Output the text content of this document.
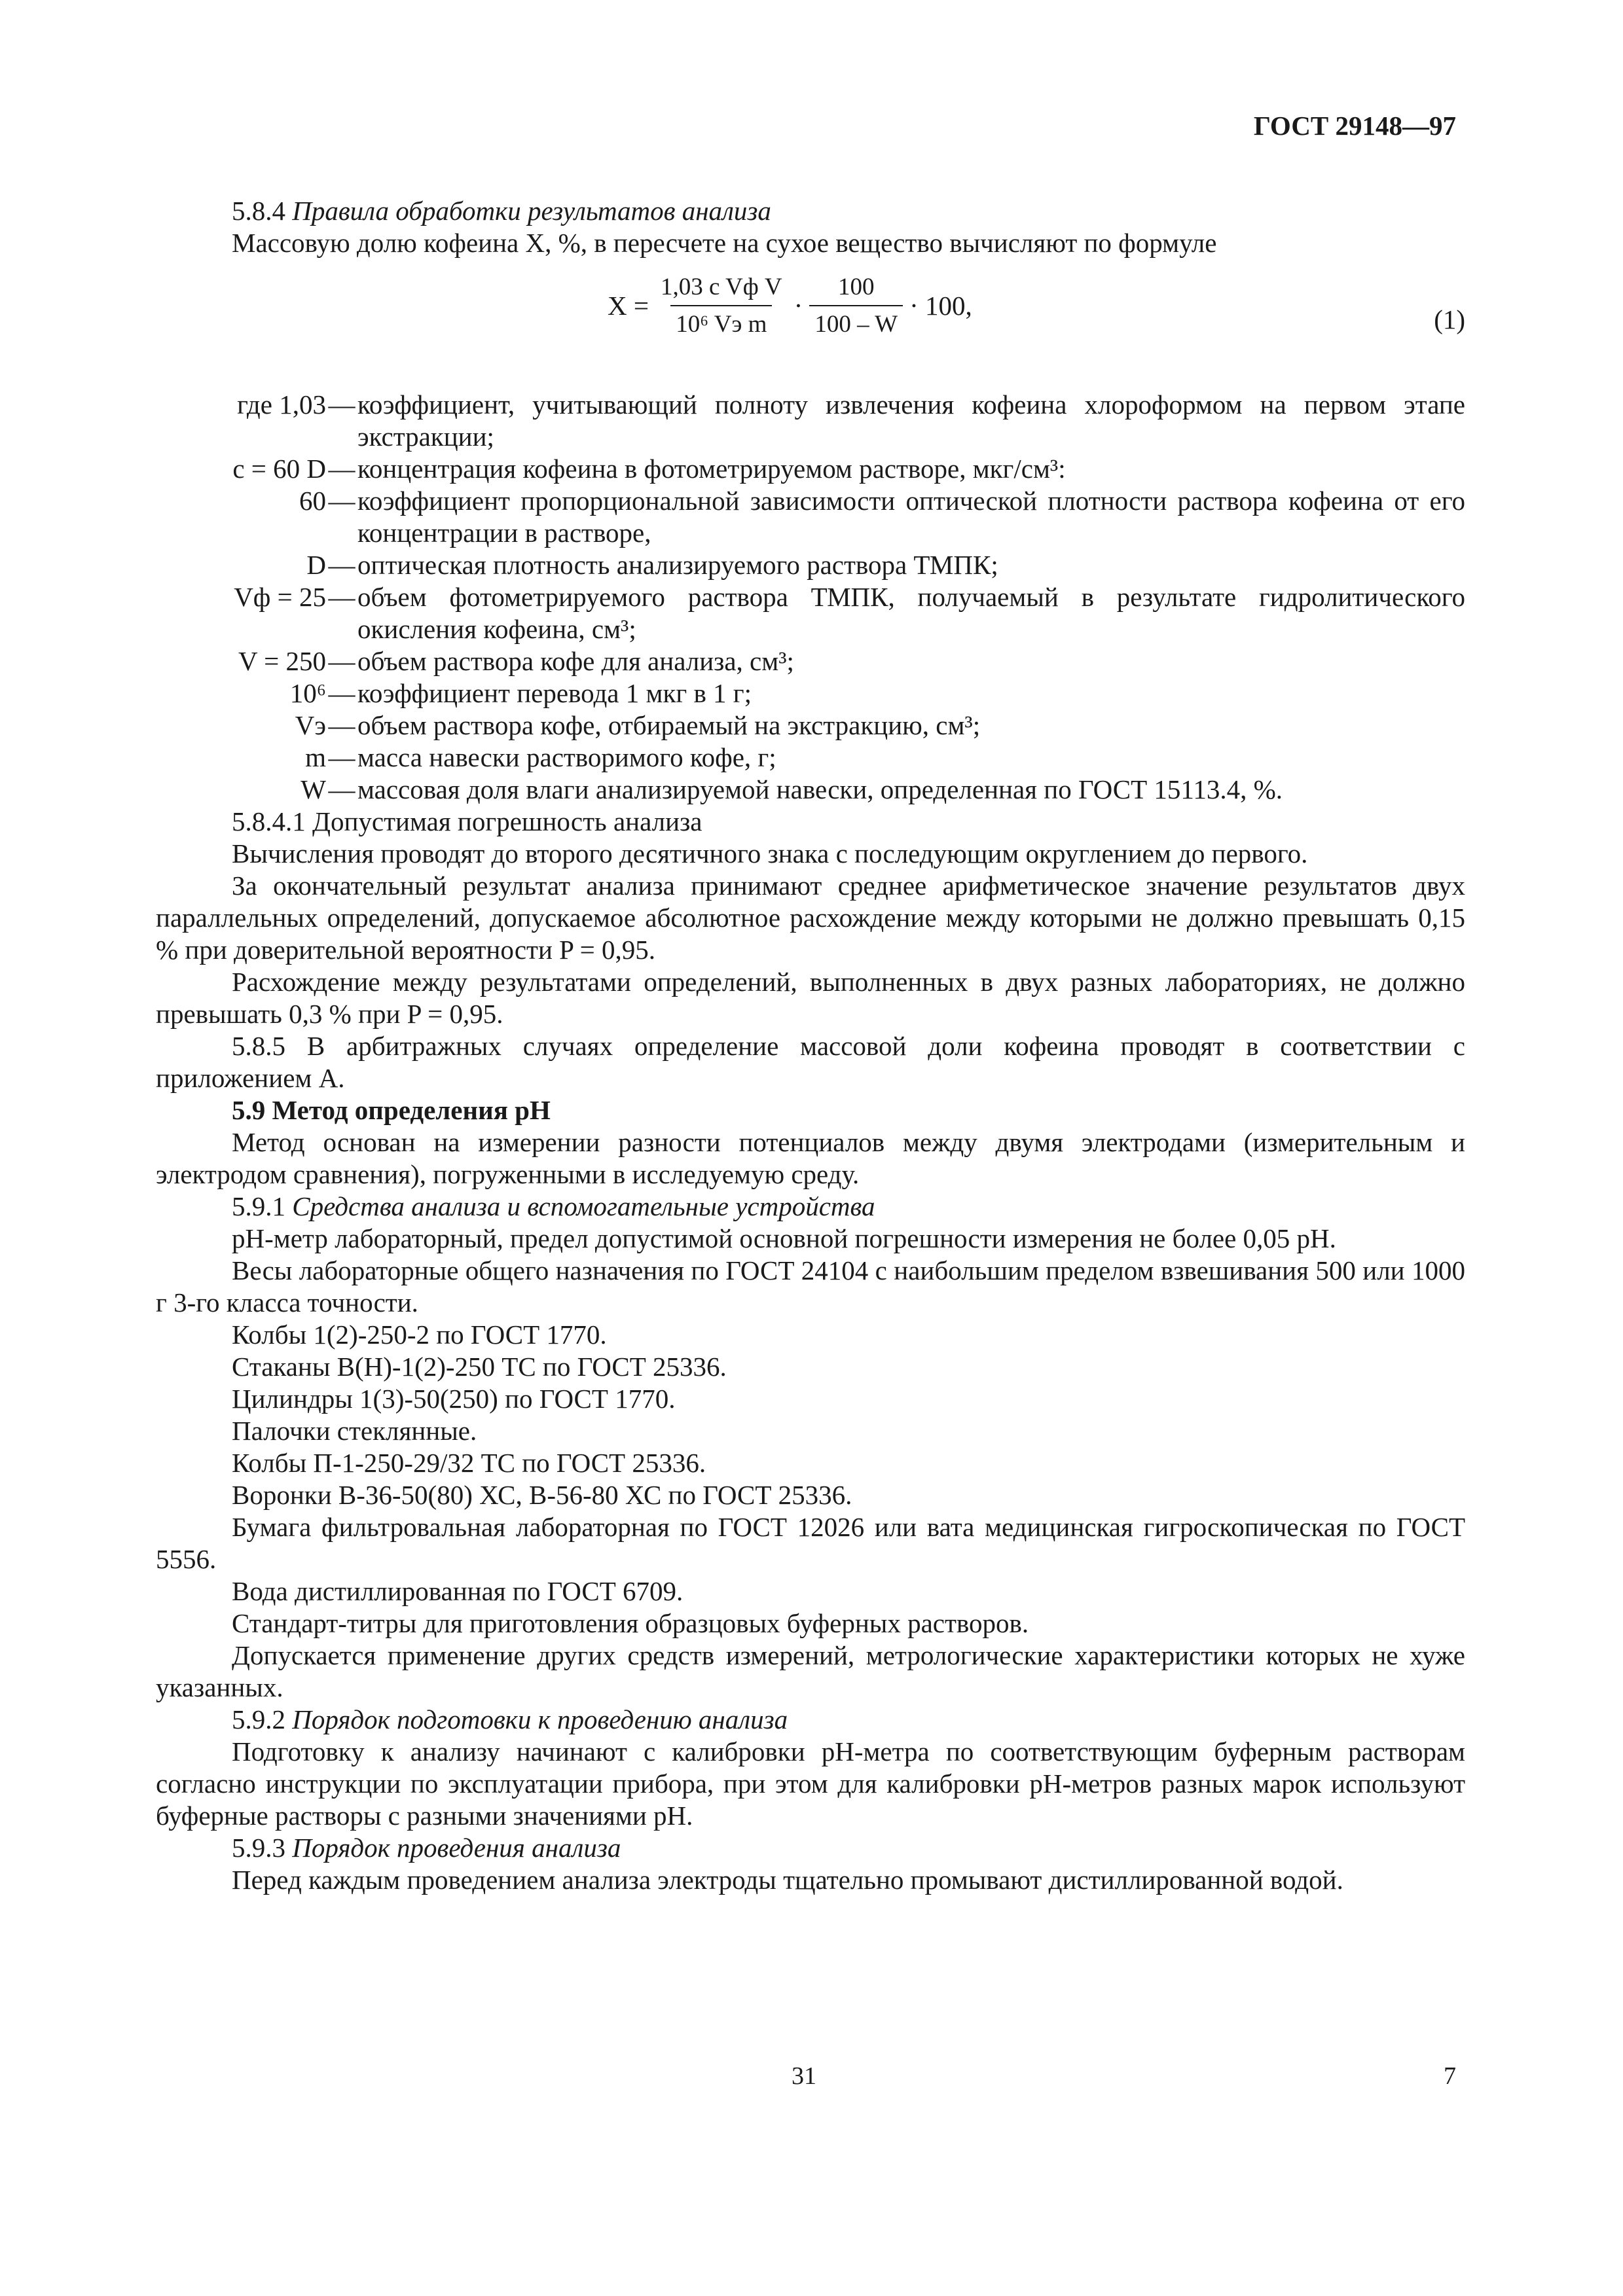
ГОСТ 29148—97

5.8.4 Правила обработки результатов анализа

Массовую долю кофеина X, %, в пересчете на сухое вещество вычисляют по формуле

$X = \frac{\text{1,03 c Vф V}}{\text{10⁶ Vэ m}} \cdot \frac{100}{100 - W} \cdot 100$,	(1)
где 1,03 — коэффициент, учитывающий полноту извлечения кофеина хлороформом на первом этапе экстракции;
c = 60 D — концентрация кофеина в фотометрируемом растворе, мкг/см³:
60 — коэффициент пропорциональной зависимости оптической плотности раствора кофеина от его концентрации в растворе,
D — оптическая плотность анализируемого раствора ТМПК;
Vф = 25 — объем фотометрируемого раствора ТМПК, получаемый в результате гидролитического окисления кофеина, см³;
V = 250 — объем раствора кофе для анализа, см³;
10⁶ — коэффициент перевода 1 мкг в 1 г;
Vэ — объем раствора кофе, отбираемый на экстракцию, см³;
m — масса навески растворимого кофе, г;
W — массовая доля влаги анализируемой навески, определенная по ГОСТ 15113.4, %.

5.8.4.1 Допустимая погрешность анализа

Вычисления проводят до второго десятичного знака с последующим округлением до первого.

За окончательный результат анализа принимают среднее арифметическое значение результатов двух параллельных определений, допускаемое абсолютное расхождение между которыми не должно превышать 0,15 % при доверительной вероятности P = 0,95.

Расхождение между результатами определений, выполненных в двух разных лабораториях, не должно превышать 0,3 % при P = 0,95.

5.8.5 В арбитражных случаях определение массовой доли кофеина проводят в соответствии с приложением А.

5.9 Метод определения рН

Метод основан на измерении разности потенциалов между двумя электродами (измерительным и электродом сравнения), погруженными в исследуемую среду.

5.9.1 Средства анализа и вспомогательные устройства

рН-метр лабораторный, предел допустимой основной погрешности измерения не более 0,05 рН.

Весы лабораторные общего назначения по ГОСТ 24104 с наибольшим пределом взвешивания 500 или 1000 г 3-го класса точности.

Колбы 1(2)-250-2 по ГОСТ 1770.

Стаканы В(Н)-1(2)-250 ТС по ГОСТ 25336.

Цилиндры 1(3)-50(250) по ГОСТ 1770.

Палочки стеклянные.

Колбы П-1-250-29/32 ТС по ГОСТ 25336.

Воронки В-36-50(80) ХС, В-56-80 ХС по ГОСТ 25336.

Бумага фильтровальная лабораторная по ГОСТ 12026 или вата медицинская гигроскопическая по ГОСТ 5556.

Вода дистиллированная по ГОСТ 6709.

Стандарт-титры для приготовления образцовых буферных растворов.

Допускается применение других средств измерений, метрологические характеристики которых не хуже указанных.

5.9.2 Порядок подготовки к проведению анализа

Подготовку к анализу начинают с калибровки рН-метра по соответствующим буферным растворам согласно инструкции по эксплуатации прибора, при этом для калибровки рН-метров разных марок используют буферные растворы с разными значениями рН.

5.9.3 Порядок проведения анализа

Перед каждым проведением анализа электроды тщательно промывают дистиллированной водой.

31	7
